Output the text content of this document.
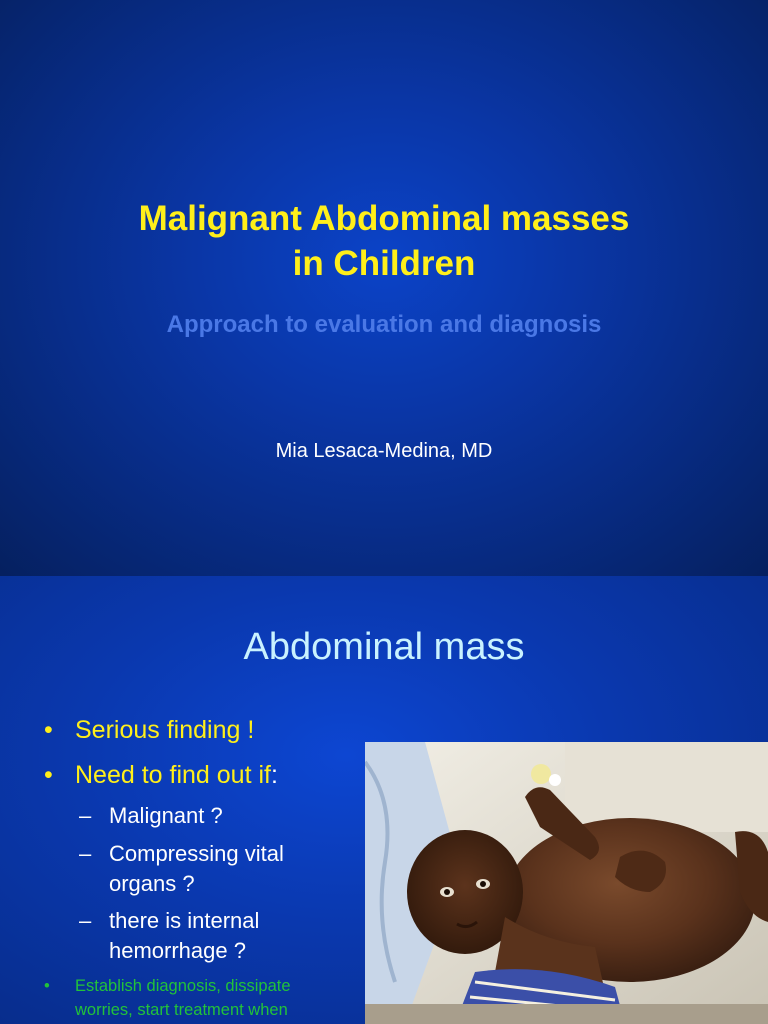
Malignant Abdominal masses
in Children
Approach to evaluation and diagnosis
Mia Lesaca-Medina, MD
Abdominal mass
• Serious finding !
• Need to find out if:
– Malignant ?
– Compressing vital
organs ?
– there is internal
hemorrhage ?
• Establish diagnosis, dissipate
worries, start treatment when
